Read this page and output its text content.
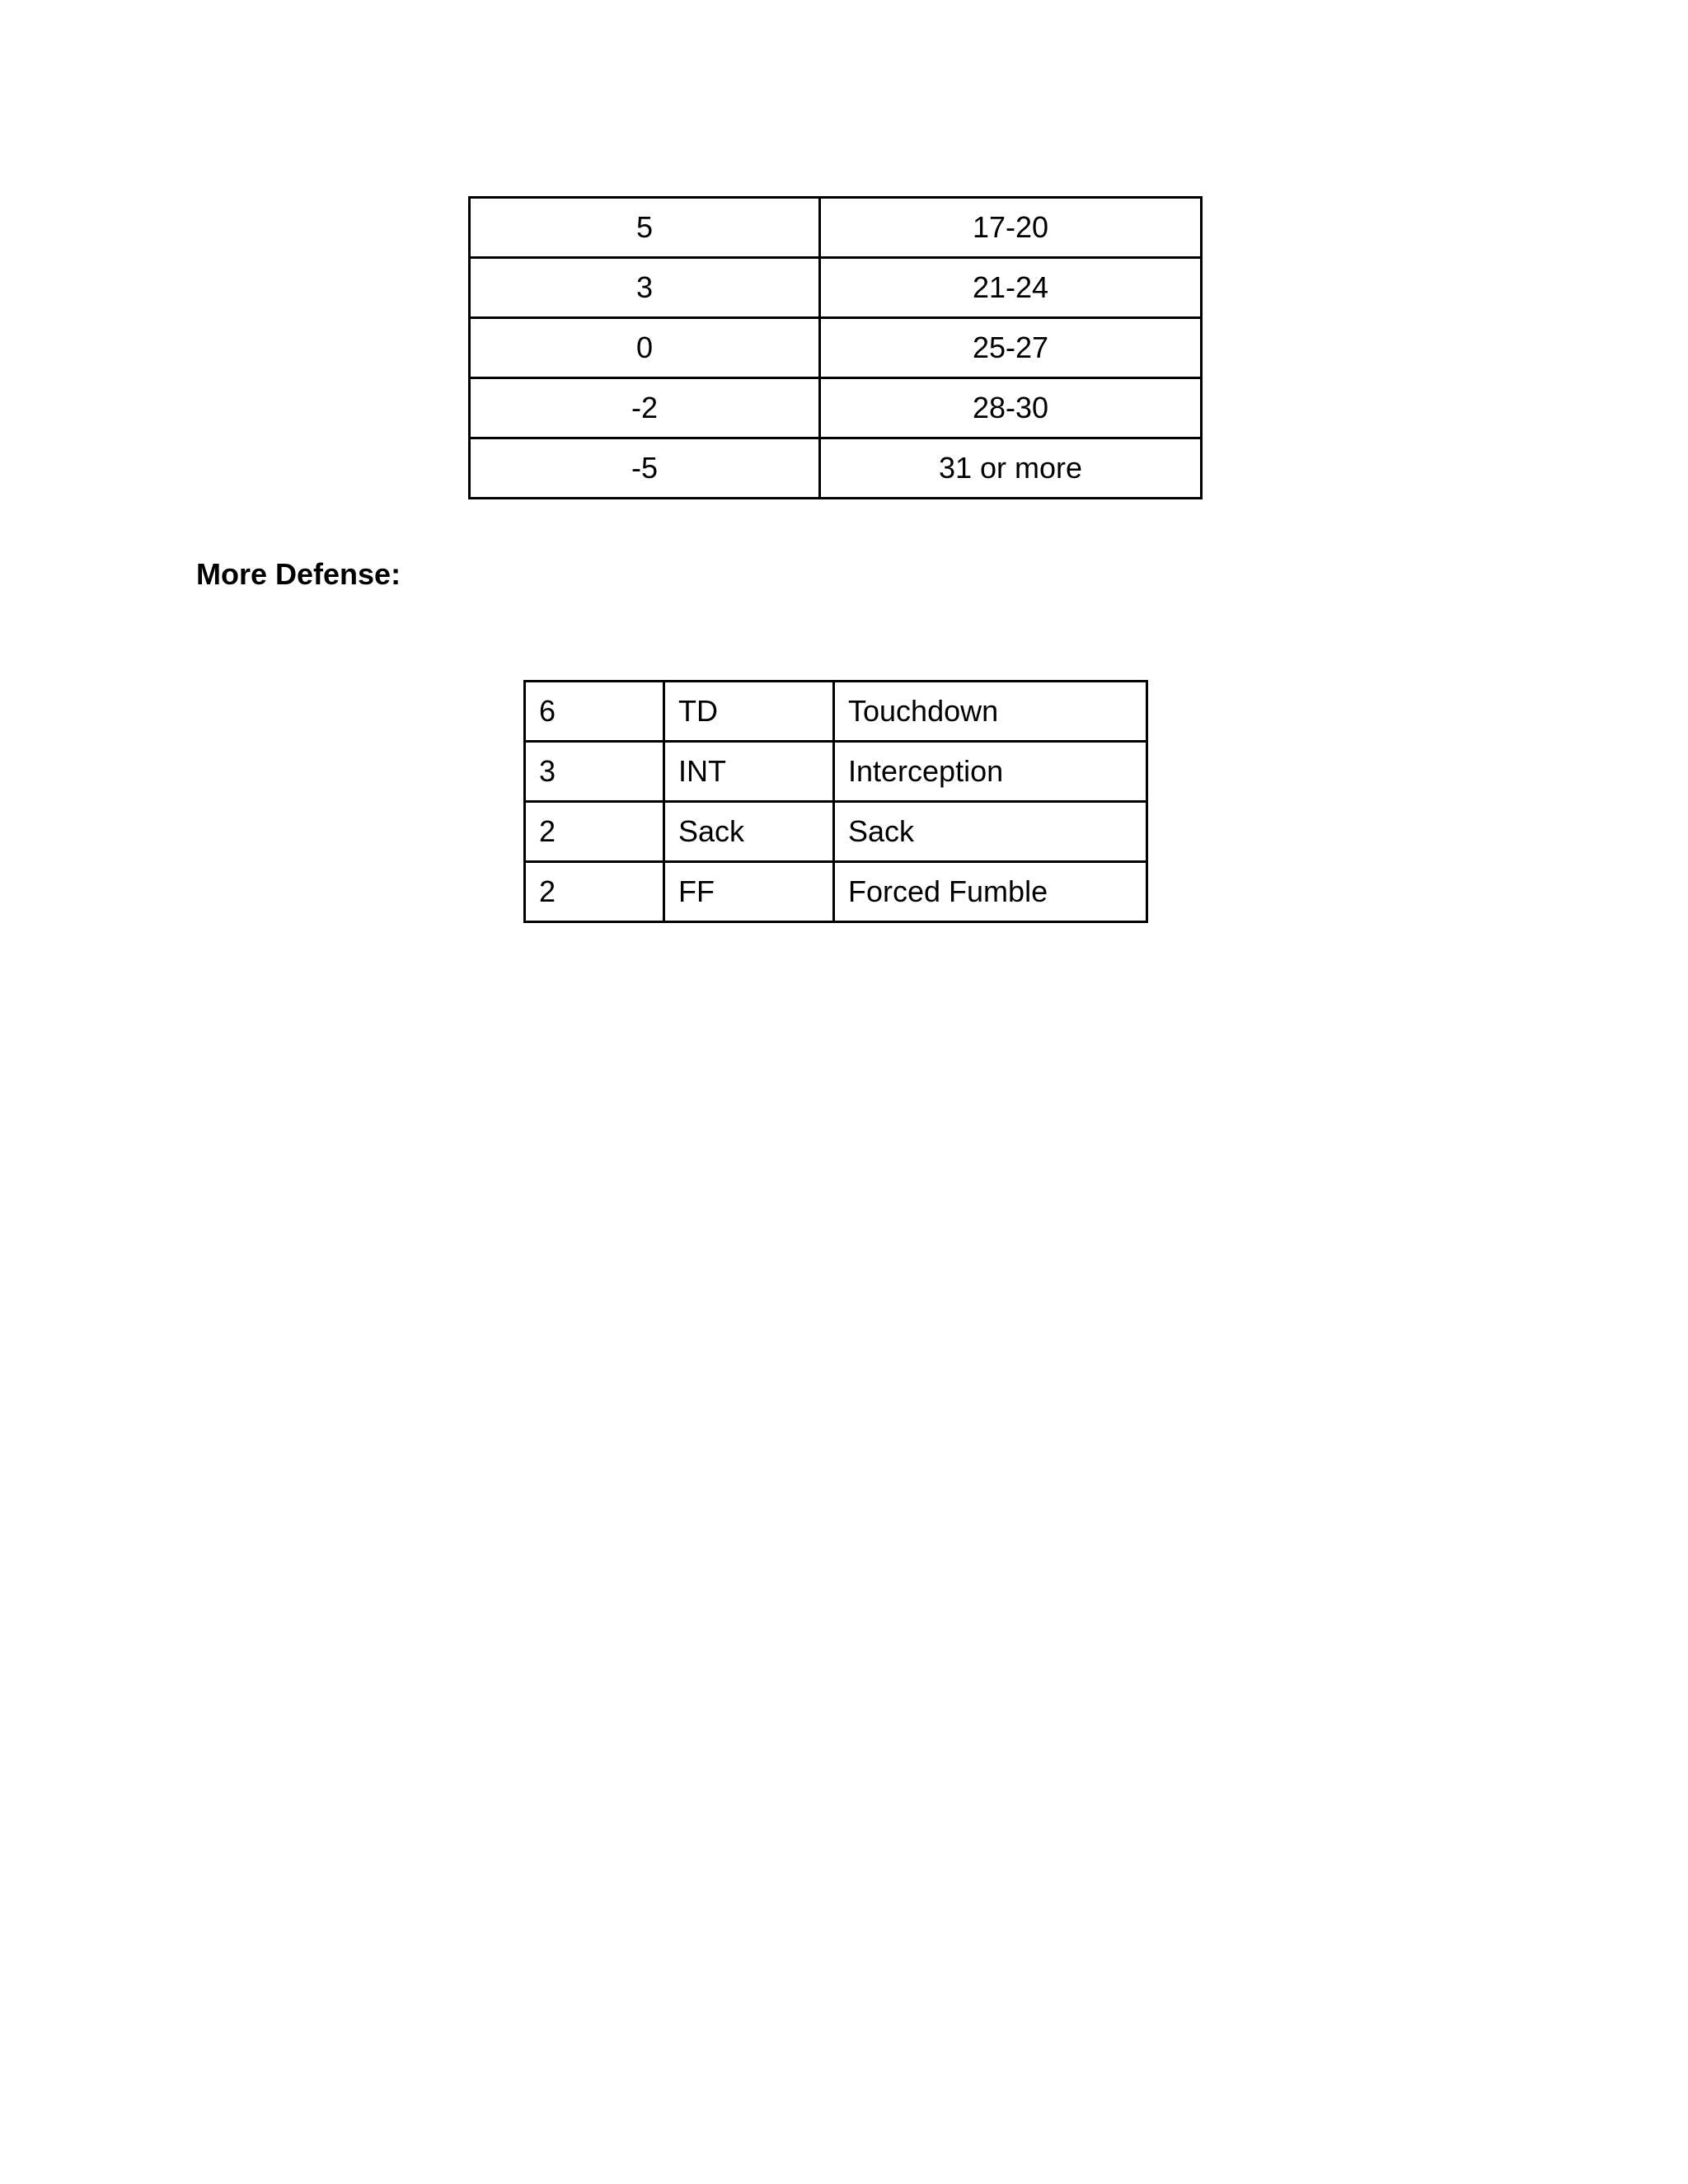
5	17-20
3	21-24
0	25-27
-2	28-30
-5	31 or more
More Defense:
6	TD	Touchdown
3	INT	Interception
2	Sack	Sack
2	FF	Forced Fumble
